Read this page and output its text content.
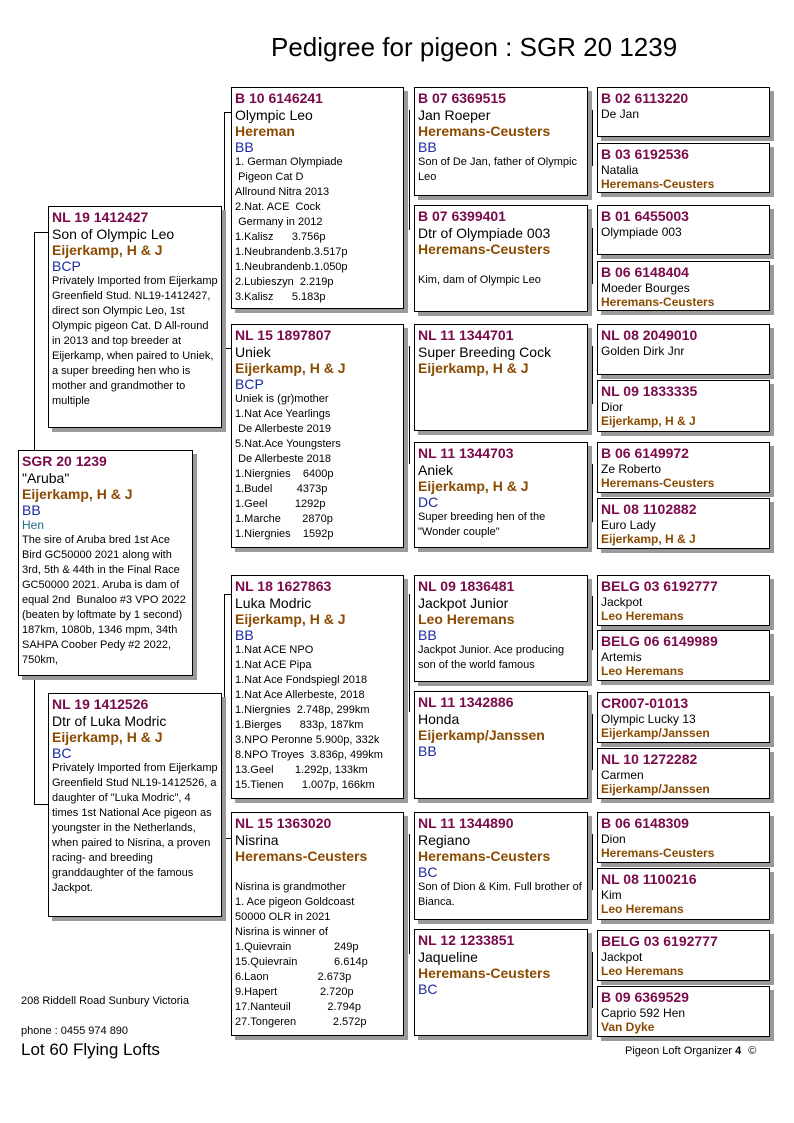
Pedigree for pigeon : SGR 20 1239
SGR 20 1239
"Aruba"
Eijerkamp, H & J
BB
Hen
The sire of Aruba bred 1st Ace Bird GC50000 2021 along with 3rd, 5th & 44th in the Final Race GC50000 2021. Aruba is dam of equal 2nd  Bunaloo #3 VPO 2022 (beaten by loftmate by 1 second) 187km, 1080b, 1346 mpm, 34th SAHPA Coober Pedy #2 2022, 750km,
NL 19 1412427
Son of Olympic Leo
Eijerkamp, H & J
BCP
Privately Imported from Eijerkamp Greenfield Stud. NL19-1412427, direct son Olympic Leo, 1st Olympic pigeon Cat. D All-round in 2013 and top breeder at Eijerkamp, when paired to Uniek, a super breeding hen who is mother and grandmother to multiple
NL 19 1412526
Dtr of Luka Modric
Eijerkamp, H & J
BC
Privately Imported from Eijerkamp Greenfield Stud NL19-1412526, a daughter of "Luka Modric", 4 times 1st National Ace pigeon as youngster in the Netherlands, when paired to Nisrina, a proven racing- and breeding granddaughter of the famous Jackpot.
B 10 6146241
Olympic Leo
Hereman
BB
1. German Olympiade
Pigeon Cat D
Allround Nitra 2013
2.Nat. ACE  Cock
Germany in 2012
1.Kalisz      3.756p
1.Neubrandenb.3.517p
1.Neubrandenb.1.050p
2.Lubieszyn  2.219p
3.Kalisz      5.183p
NL 15 1897807
Uniek
Eijerkamp, H & J
BCP
Uniek is (gr)mother
1.Nat Ace Yearlings
De Allerbeste 2019
5.Nat.Ace Youngsters
De Allerbeste 2018
1.Niergnies    6400p
1.Budel        4373p
1.Geel         1292p
1.Marche       2870p
1.Niergnies    1592p
NL 18 1627863
Luka Modric
Eijerkamp, H & J
BB
1.Nat ACE NPO
1.Nat ACE Pipa
1.Nat Ace Fondspiegl 2018
1.Nat Ace Allerbeste, 2018
1.Niergnies  2.748p, 299km
1.Bierges      833p, 187km
3.NPO Peronne 5.900p, 332k
8.NPO Troyes  3.836p, 499km
13.Geel       1.292p, 133km
15.Tienen      1.007p, 166km
NL 15 1363020
Nisrina
Heremans-Ceusters
Nisrina is grandmother
1. Ace pigeon Goldcoast
50000 OLR in 2021
Nisrina is winner of
1.Quievrain              249p
15.Quievrain            6.614p
6.Laon                2.673p
9.Hapert              2.720p
17.Nanteuil            2.794p
27.Tongeren            2.572p
B 07 6369515
Jan Roeper
Heremans-Ceusters
BB
Son of De Jan, father of Olympic Leo
B 07 6399401
Dtr of Olympiade 003
Heremans-Ceusters
Kim, dam of Olympic Leo
NL 11 1344701
Super Breeding Cock
Eijerkamp, H & J
NL 11 1344703
Aniek
Eijerkamp, H & J
DC
Super breeding hen of the "Wonder couple"
NL 09 1836481
Jackpot Junior
Leo Heremans
BB
Jackpot Junior. Ace producing son of the world famous
NL 11 1342886
Honda
Eijerkamp/Janssen
BB
NL 11 1344890
Regiano
Heremans-Ceusters
BC
Son of Dion & Kim. Full brother of Bianca.
NL 12 1233851
Jaqueline
Heremans-Ceusters
BC
B 02 6113220
De Jan
B 03 6192536
Natalia
Heremans-Ceusters
B 01 6455003
Olympiade 003
B 06 6148404
Moeder Bourges
Heremans-Ceusters
NL 08 2049010
Golden Dirk Jnr
NL 09 1833335
Dior
Eijerkamp, H & J
B 06 6149972
Ze Roberto
Heremans-Ceusters
NL 08 1102882
Euro Lady
Eijerkamp, H & J
BELG 03 6192777
Jackpot
Leo Heremans
BELG 06 6149989
Artemis
Leo Heremans
CR007-01013
Olympic Lucky 13
Eijerkamp/Janssen
NL 10 1272282
Carmen
Eijerkamp/Janssen
B 06 6148309
Dion
Heremans-Ceusters
NL 08 1100216
Kim
Leo Heremans
BELG 03 6192777
Jackpot
Leo Heremans
B 09 6369529
Caprio 592 Hen
Van Dyke
208 Riddell Road Sunbury Victoria
phone : 0455 974 890
Lot 60 Flying Lofts	Pigeon Loft Organizer 4 ©
